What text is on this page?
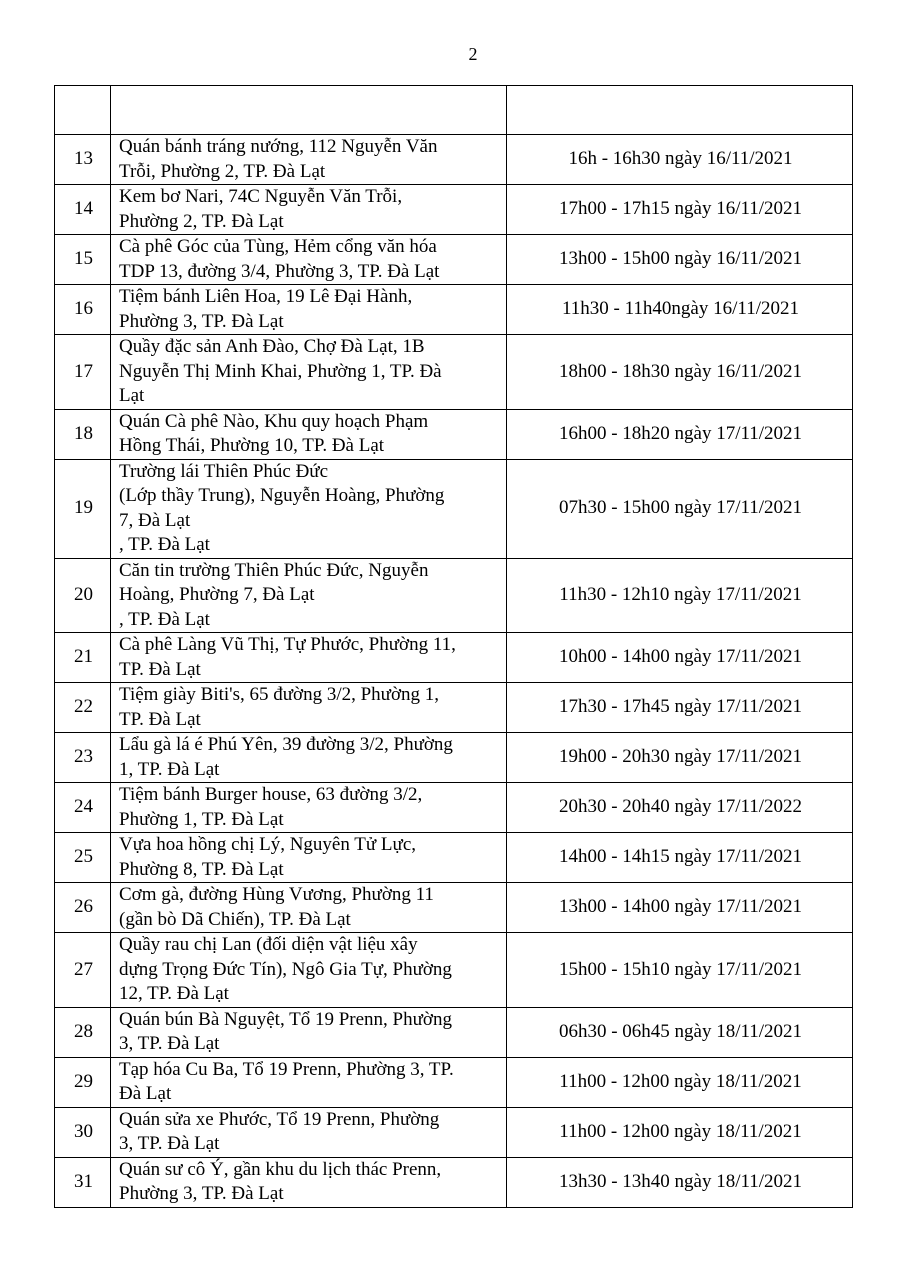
2

13	Quán bánh tráng nướng, 112 Nguyễn Văn
Trỗi, Phường 2, TP. Đà Lạt	16h - 16h30 ngày 16/11/2021
14	Kem bơ Nari, 74C Nguyễn Văn Trỗi,
Phường 2, TP. Đà Lạt	17h00 - 17h15 ngày 16/11/2021
15	Cà phê Góc của Tùng, Hẻm cổng văn hóa
TDP 13, đường 3/4, Phường 3, TP. Đà Lạt	13h00 - 15h00 ngày 16/11/2021
16	Tiệm bánh Liên Hoa, 19 Lê Đại Hành,
Phường 3, TP. Đà Lạt	11h30 - 11h40ngày 16/11/2021
17	Quầy đặc sản Anh Đào, Chợ Đà Lạt, 1B
Nguyễn Thị Minh Khai, Phường 1, TP. Đà
Lạt	18h00 - 18h30 ngày 16/11/2021
18	Quán Cà phê Nào, Khu quy hoạch Phạm
Hồng Thái, Phường 10, TP. Đà Lạt	16h00 - 18h20 ngày 17/11/2021
19	Trường lái Thiên Phúc Đức
(Lớp thầy Trung), Nguyễn Hoàng, Phường
7, Đà Lạt
, TP. Đà Lạt	07h30 - 15h00 ngày 17/11/2021
20	Căn tin trường Thiên Phúc Đức, Nguyễn
Hoàng, Phường 7, Đà Lạt
, TP. Đà Lạt	11h30 - 12h10 ngày 17/11/2021
21	Cà phê Làng Vũ Thị, Tự Phước, Phường 11,
TP. Đà Lạt	10h00 - 14h00 ngày 17/11/2021
22	Tiệm giày Biti's, 65 đường 3/2, Phường 1,
TP. Đà Lạt	17h30 - 17h45 ngày 17/11/2021
23	Lẩu gà lá é Phú Yên, 39 đường 3/2, Phường
1, TP. Đà Lạt	19h00 - 20h30 ngày 17/11/2021
24	Tiệm bánh Burger house, 63 đường 3/2,
Phường 1, TP. Đà Lạt	20h30 - 20h40 ngày 17/11/2022
25	Vựa hoa hồng chị Lý, Nguyên Tử Lực,
Phường 8, TP. Đà Lạt	14h00 - 14h15 ngày 17/11/2021
26	Cơm gà, đường Hùng Vương, Phường 11
(gần bò Dã Chiến), TP. Đà Lạt	13h00 - 14h00 ngày 17/11/2021
27	Quầy rau chị Lan (đối diện vật liệu xây
dựng Trọng Đức Tín), Ngô Gia Tự, Phường
12, TP. Đà Lạt	15h00 - 15h10 ngày 17/11/2021
28	Quán bún Bà Nguyệt, Tổ 19 Prenn, Phường
3, TP. Đà Lạt	06h30 - 06h45 ngày 18/11/2021
29	Tạp hóa Cu Ba, Tổ 19 Prenn, Phường 3, TP.
Đà Lạt	11h00 - 12h00 ngày 18/11/2021
30	Quán sửa xe Phước, Tổ 19 Prenn, Phường
3, TP. Đà Lạt	11h00 - 12h00 ngày 18/11/2021
31	Quán sư cô Ý, gần khu du lịch thác Prenn,
Phường 3, TP. Đà Lạt	13h30 - 13h40 ngày 18/11/2021
